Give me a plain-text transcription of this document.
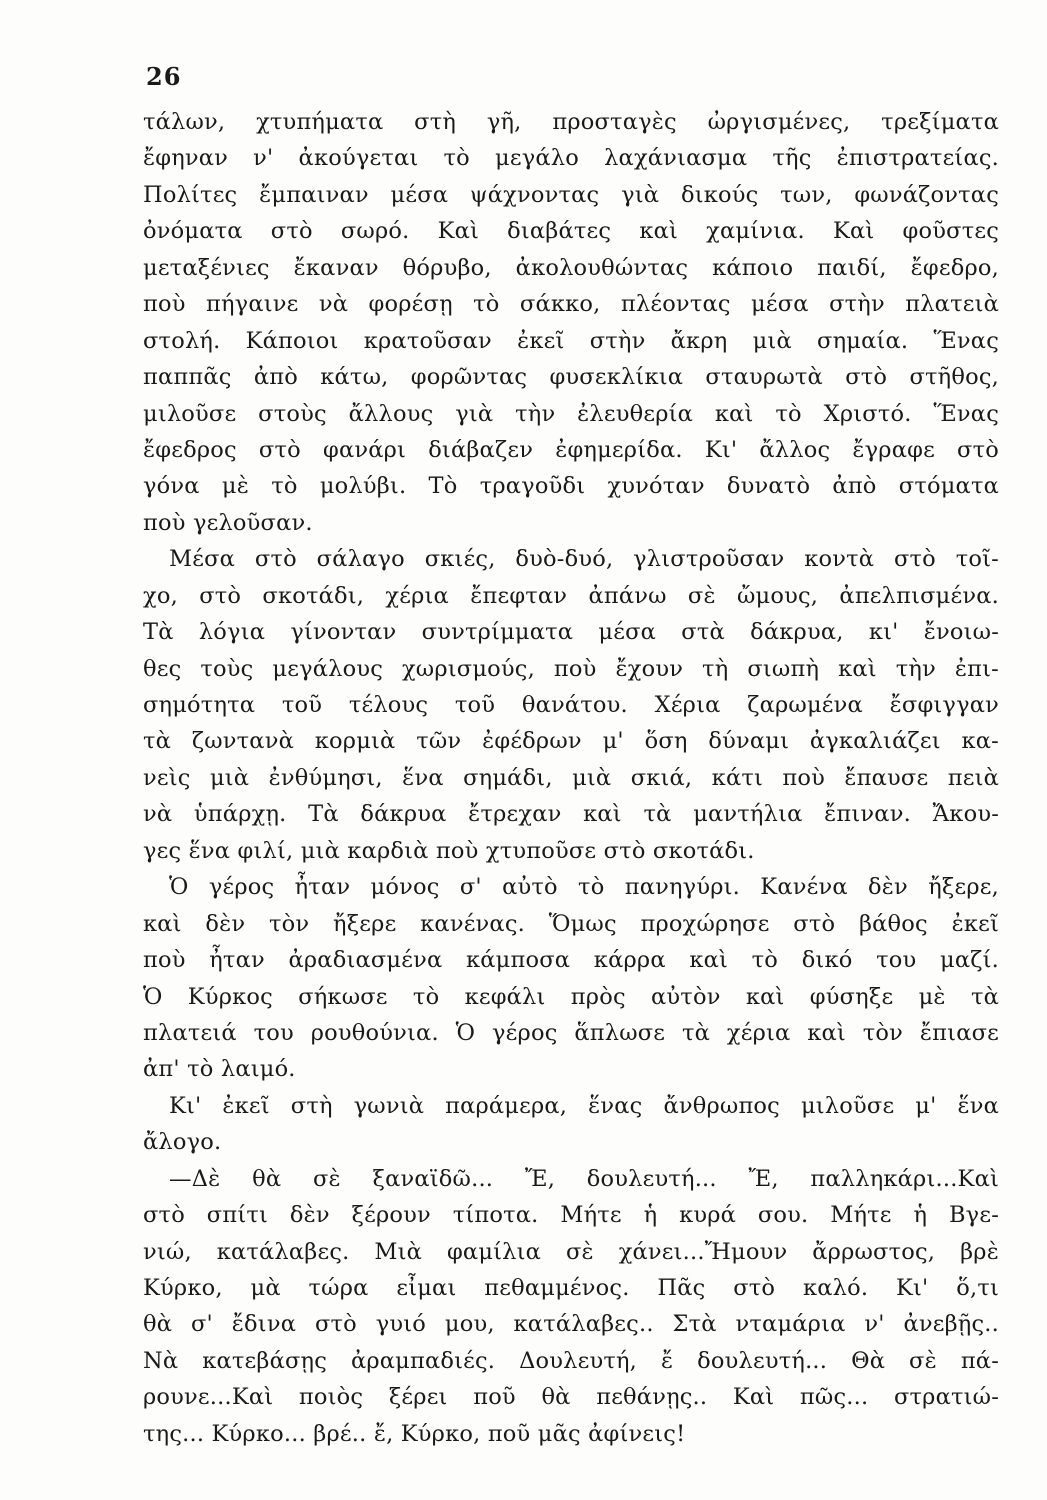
26
τάλων, χτυπήματα στὴ γῆ, προσταγὲς ὠργισμένες, τρεξίματα
ἔφηναν ν' ἀκούγεται τὸ μεγάλο λαχάνιασμα τῆς ἐπιστρατείας.
Πολίτες ἔμπαιναν μέσα ψάχνοντας γιὰ δικούς των, φωνάζοντας
ὀνόματα στὸ σωρό. Καὶ διαβάτες καὶ χαμίνια. Καὶ φοῦστες
μεταξένιες ἔκαναν θόρυβο, ἀκολουθώντας κάποιο παιδί, ἔφεδρο,
ποὺ πήγαινε νὰ φορέσῃ τὸ σάκκο, πλέοντας μέσα στὴν πλατειὰ
στολή. Κάποιοι κρατοῦσαν ἐκεῖ στὴν ἄκρη μιὰ σημαία. Ἕνας
παππᾶς ἀπὸ κάτω, φορῶντας φυσεκλίκια σταυρωτὰ στὸ στῆθος,
μιλοῦσε στοὺς ἄλλους γιὰ τὴν ἐλευθερία καὶ τὸ Χριστό. Ἕνας
ἔφεδρος στὸ φανάρι διάβαζεν ἐφημερίδα. Κι' ἄλλος ἔγραφε στὸ
γόνα μὲ τὸ μολύβι. Τὸ τραγοῦδι χυνόταν δυνατὸ ἀπὸ στόματα
ποὺ γελοῦσαν.
Μέσα στὸ σάλαγο σκιές, δυὸ-δυό, γλιστροῦσαν κοντὰ στὸ τοῖ-
χο, στὸ σκοτάδι, χέρια ἔπεφταν ἀπάνω σὲ ὤμους, ἀπελπισμένα.
Τὰ λόγια γίνονταν συντρίμματα μέσα στὰ δάκρυα, κι' ἔνοιω-
θες τοὺς μεγάλους χωρισμούς, ποὺ ἔχουν τὴ σιωπὴ καὶ τὴν ἐπι-
σημότητα τοῦ τέλους τοῦ θανάτου. Χέρια ζαρωμένα ἔσφιγγαν
τὰ ζωντανὰ κορμιὰ τῶν ἐφέδρων μ' ὅση δύναμι ἀγκαλιάζει κα-
νεὶς μιὰ ἐνθύμησι, ἕνα σημάδι, μιὰ σκιά, κάτι ποὺ ἔπαυσε πειὰ
νὰ ὑπάρχῃ. Τὰ δάκρυα ἔτρεχαν καὶ τὰ μαντήλια ἔπιναν. Ἄκου-
γες ἕνα φιλί, μιὰ καρδιὰ ποὺ χτυποῦσε στὸ σκοτάδι.
Ὁ γέρος ἦταν μόνος σ' αὐτὸ τὸ πανηγύρι. Κανένα δὲν ἤξερε,
καὶ δὲν τὸν ἤξερε κανένας. Ὅμως προχώρησε στὸ βάθος ἐκεῖ
ποὺ ἦταν ἀραδιασμένα κάμποσα κάρρα καὶ τὸ δικό του μαζί.
Ὁ Κύρκος σήκωσε τὸ κεφάλι πρὸς αὐτὸν καὶ φύσηξε μὲ τὰ
πλατειά του ρουθούνια. Ὁ γέρος ἅπλωσε τὰ χέρια καὶ τὸν ἔπιασε
ἀπ' τὸ λαιμό.
Κι' ἐκεῖ στὴ γωνιὰ παράμερα, ἕνας ἄνθρωπος μιλοῦσε μ' ἕνα
ἄλογο.
—Δὲ θὰ σὲ ξαναϊδῶ... Ἔ, δουλευτή... Ἔ, παλληκάρι...Καὶ
στὸ σπίτι δὲν ξέρουν τίποτα. Μήτε ἡ κυρά σου. Μήτε ἡ Βγε-
νιώ, κατάλαβες. Μιὰ φαμίλια σὲ χάνει...Ἤμουν ἄρρωστος, βρὲ
Κύρκο, μὰ τώρα εἶμαι πεθαμμένος. Πᾶς στὸ καλό. Κι' ὅ,τι
θὰ σ' ἔδινα στὸ γυιό μου, κατάλαβες.. Στὰ νταμάρια ν' ἀνεβῇς..
Νὰ κατεβάσῃς ἀραμπαδιές. Δουλευτή, ἔ δουλευτή... Θὰ σὲ πά-
ρουνε...Καὶ ποιὸς ξέρει ποῦ θὰ πεθάνῃς.. Καὶ πῶς... στρατιώ-
της... Κύρκο... βρέ.. ἔ, Κύρκο, ποῦ μᾶς ἀφίνεις!
